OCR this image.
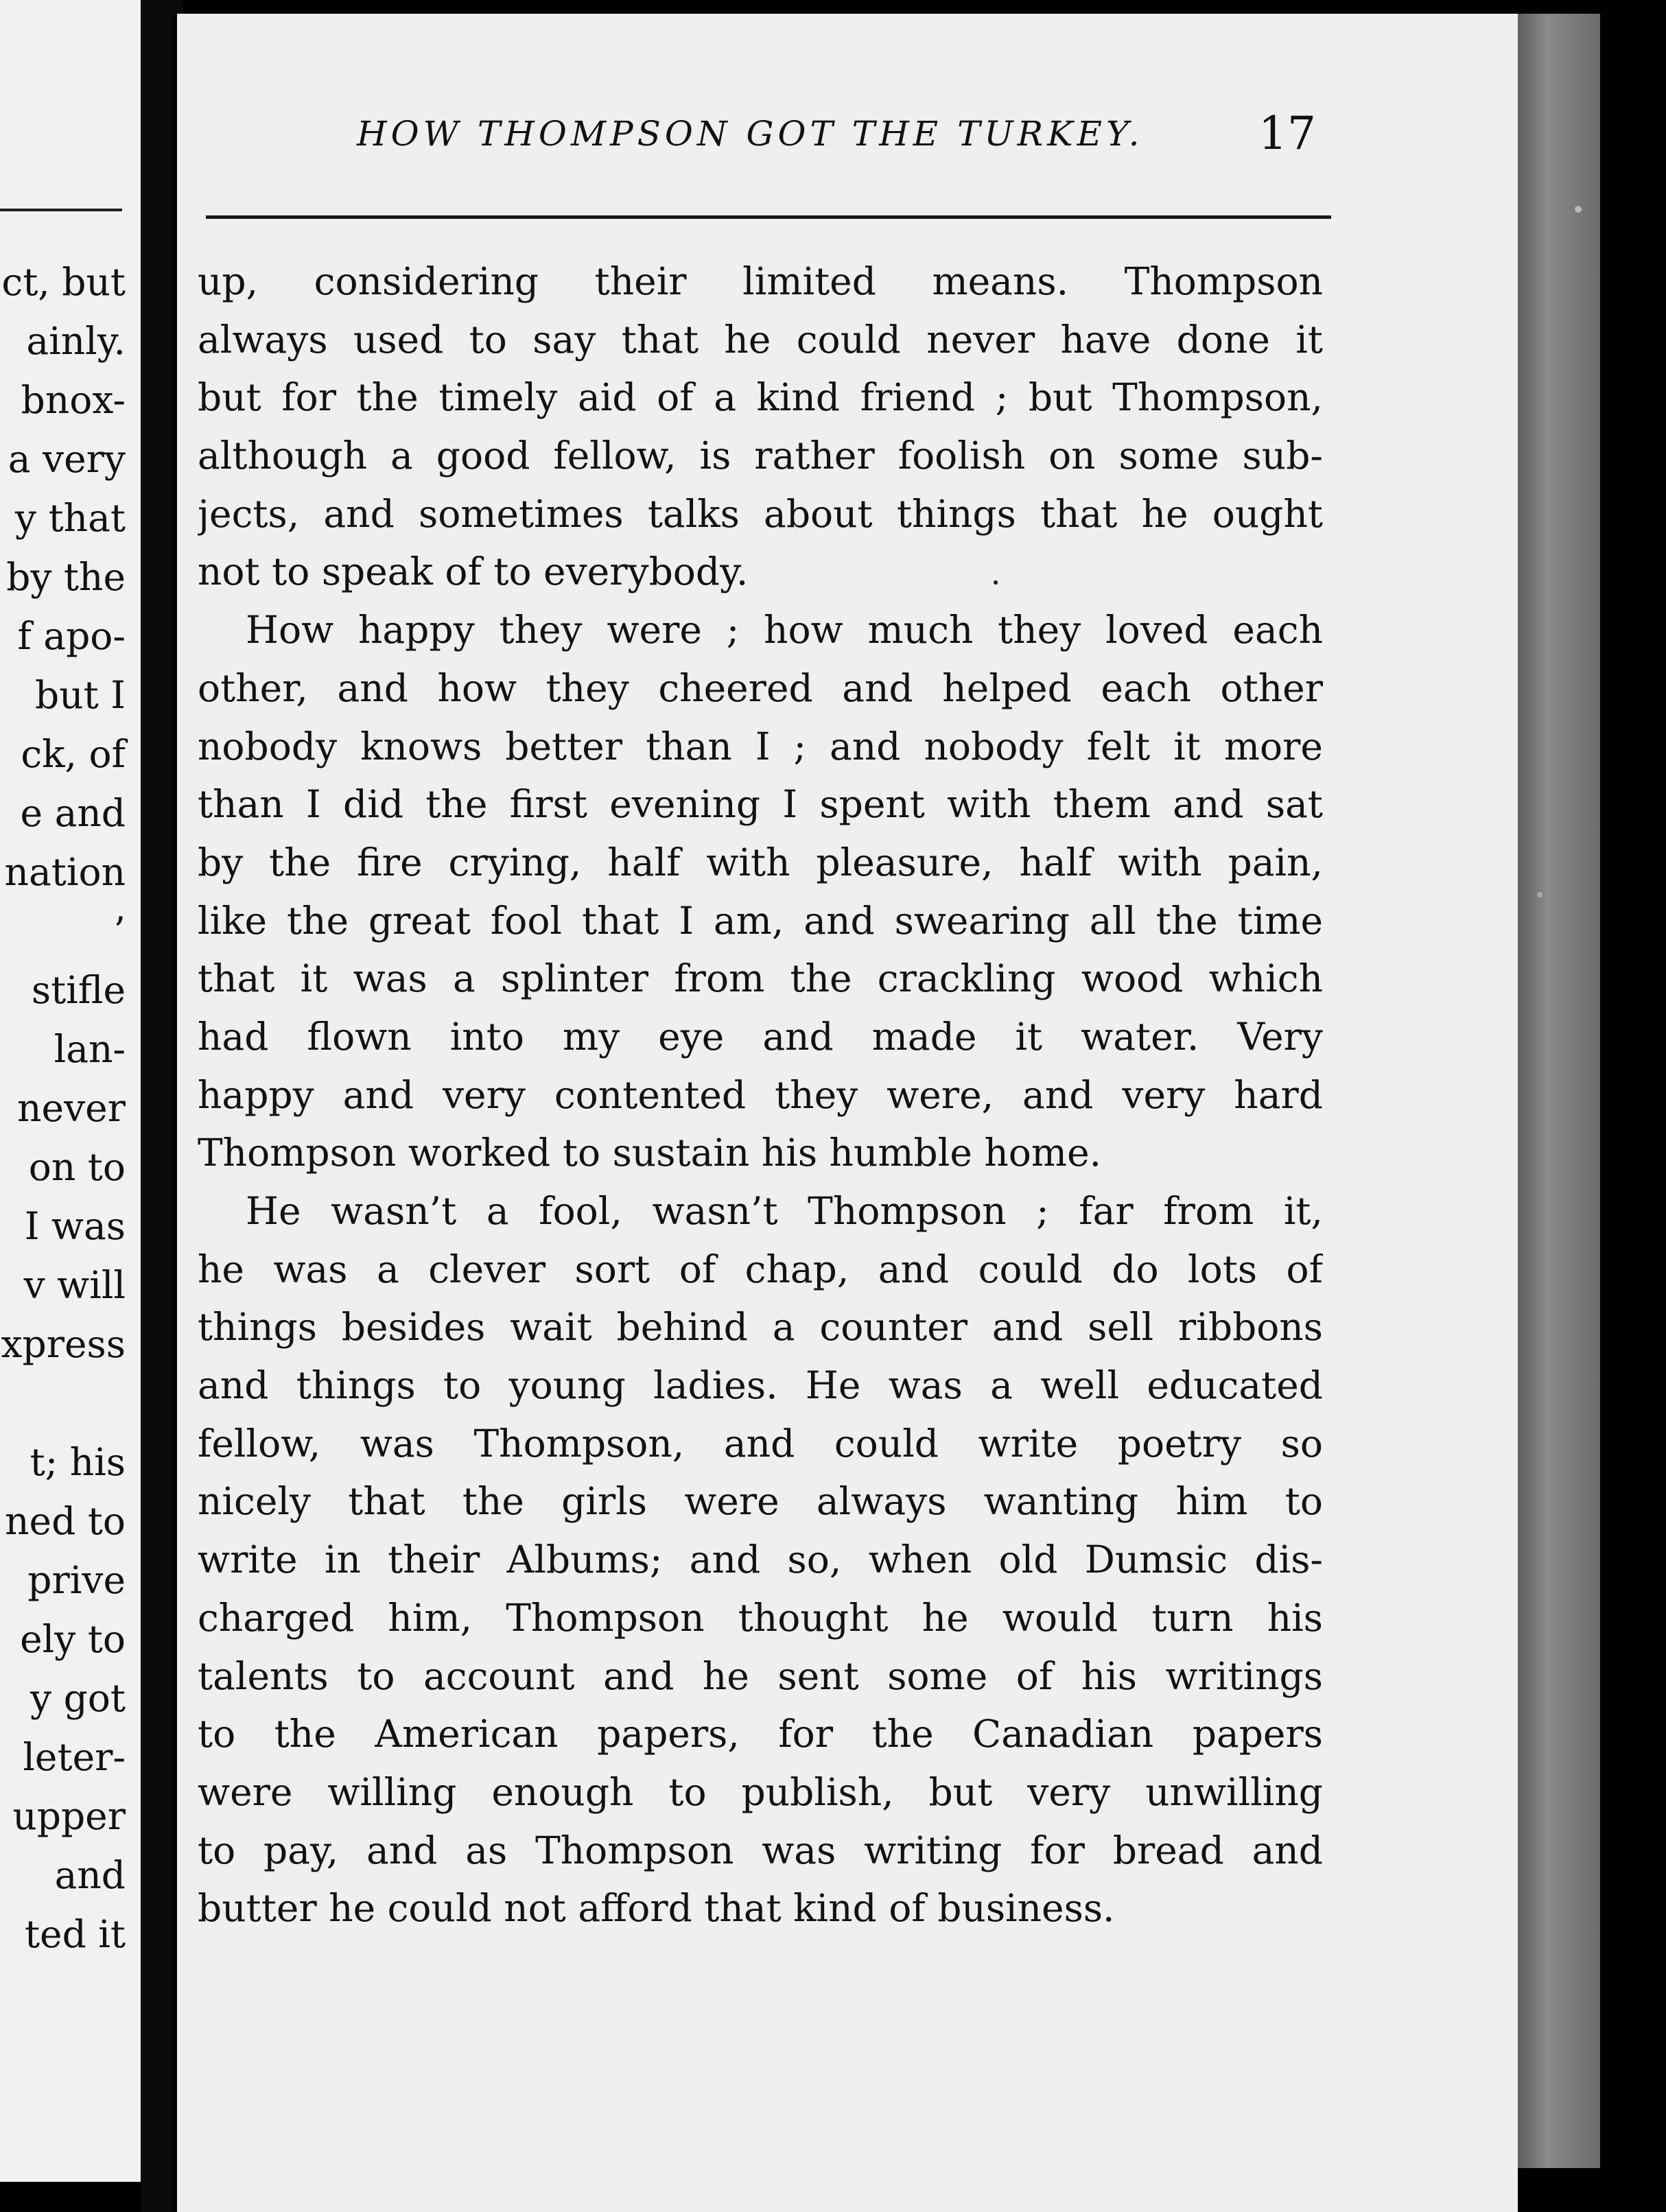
ct, but
ainly.
bnox-
a very
y that
by the
f apo-
but I
ck, of
e and
nation
’
stifle
lan-
never
on to
I was
v will
xpress

t; his
ned to
prive
ely to
y got
leter-
upper
and
ted it
HOW THOMPSON GOT THE TURKEY.	17
up, considering their limited means. Thompson
always used to say that he could never have done it
but for the timely aid of a kind friend ; but Thompson,
although a good fellow, is rather foolish on some sub-
jects, and sometimes talks about things that he ought
not to speak of to everybody.
How happy they were ; how much they loved each
other, and how they cheered and helped each other
nobody knows better than I ; and nobody felt it more
than I did the first evening I spent with them and sat
by the fire crying, half with pleasure, half with pain,
like the great fool that I am, and swearing all the time
that it was a splinter from the crackling wood which
had flown into my eye and made it water. Very
happy and very contented they were, and very hard
Thompson worked to sustain his humble home.
He wasn’t a fool, wasn’t Thompson ; far from it,
he was a clever sort of chap, and could do lots of
things besides wait behind a counter and sell ribbons
and things to young ladies. He was a well educated
fellow, was Thompson, and could write poetry so
nicely that the girls were always wanting him to
write in their Albums; and so, when old Dumsic dis-
charged him, Thompson thought he would turn his
talents to account and he sent some of his writings
to the American papers, for the Canadian papers
were willing enough to publish, but very unwilling
to pay, and as Thompson was writing for bread and
butter he could not afford that kind of business.
